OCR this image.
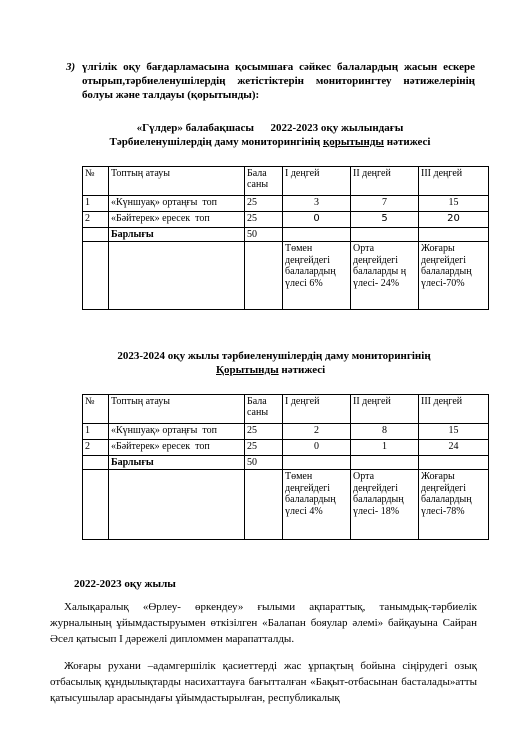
3) үлгілік оқу бағдарламасына қосымшаға сәйкес балалардың жасын ескере отырып,тәрбиеленушілердің жетістіктерін мониторингтеу нәтижелерінің болуы және талдауы (қорытынды):
«Гүлдер» балабақшасы      2022-2023 оқу жылындағы
Тәрбиеленушілердің даму мониторингінің қорытынды нәтижесі
№	Топтың атауы	Бала саны	І деңгей	ІІ деңгей	ІІІ деңгей
1	«Күншуақ» ортаңғы  топ	25	3	7	15
2	«Бәйтерек» ересек  топ	25	0	5	20
	Барлығы	50			
			Төмен деңгейдегі балалардың үлесі 6%	Орта деңгейдегі балаларды ң үлесі- 24%	Жоғары деңгейдегі балалардың үлесі-70%
2023-2024 оқу жылы тәрбиеленушілердің даму мониторингінің
Қорытынды нәтижесі
№	Топтың атауы	Бала саны	І деңгей	ІІ деңгей	ІІІ деңгей
1	«Күншуақ» ортаңғы  топ	25	2	8	15
2	«Бәйтерек» ересек  топ	25	0	1	24
	Барлығы	50			
			Төмен деңгейдегі балалардың үлесі 4%	Орта деңгейдегі балалардың үлесі- 18%	Жоғары деңгейдегі балалардың үлесі-78%
2022-2023 оқу жылы
Халықаралық «Өрлеу- өркендеу» ғылыми ақпараттық, танымдық-тәрбиелік журналының ұйымдастыруымен өткізілген «Балапан бояулар әлемі» байқауына Сайран Әсел қатысып І дәрежелі дипломмен марапатталды.
Жоғары рухани –адамгершілік қасиеттерді жас ұрпақтың бойына сіңірудегі озық отбасылық құндылықтарды насихаттауға бағытталған «Бақыт-отбасынан басталады»атты қатысушылар арасындағы ұйымдастырылған, республикалық
